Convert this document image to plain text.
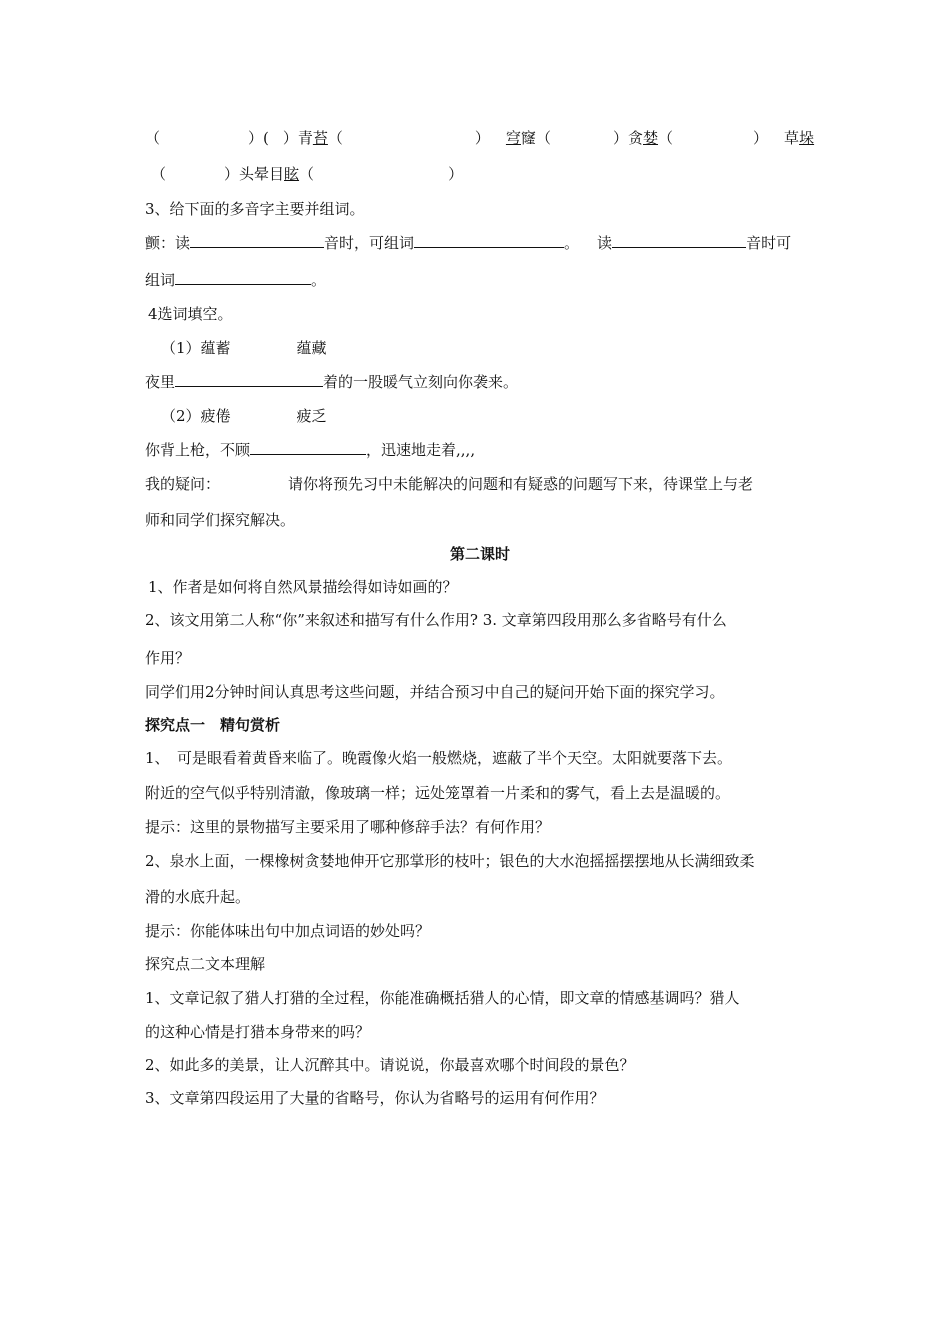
（	）( ）青苔（	） 穹窿（	）贪婪（	） 草垛
（	）头晕目眩（	）
3、给下面的多音字主要并组词。
颤：读	音时，可组词	。 读	音时可
组词	。
4选词填空。
（1）蕴蓄	蕴藏
夜里	着的一股暖气立刻向你袭来。
（2）疲倦	疲乏
你背上枪，不顾	，迅速地走着,,,,
我的疑问：	请你将预先习中未能解决的问题和有疑惑的问题写下来，待课堂上与老
师和同学们探究解决。
第二课时
1、作者是如何将自然风景描绘得如诗如画的？
2、该文用第二人称“你”来叙述和描写有什么作用? 3. 文章第四段用那么多省略号有什么
作用？
同学们用2分钟时间认真思考这些问题，并结合预习中自己的疑问开始下面的探究学习。
探究点一　精句赏析
1、　可是眼看着黄昏来临了。晚霞像火焰一般燃烧，遮蔽了半个天空。太阳就要落下去。
附近的空气似乎特别清澈，像玻璃一样；远处笼罩着一片柔和的雾气，看上去是温暖的。
提示：这里的景物描写主要采用了哪种修辞手法？有何作用？
2、泉水上面，一棵橡树贪婪地伸开它那掌形的枝叶；银色的大水泡摇摇摆摆地从长满细致柔
滑的水底升起。
提示：你能体味出句中加点词语的妙处吗？
探究点二文本理解
1、文章记叙了猎人打猎的全过程，你能准确概括猎人的心情，即文章的情感基调吗？猎人
的这种心情是打猎本身带来的吗？
2、如此多的美景，让人沉醉其中。请说说，你最喜欢哪个时间段的景色？
3、文章第四段运用了大量的省略号，你认为省略号的运用有何作用？
